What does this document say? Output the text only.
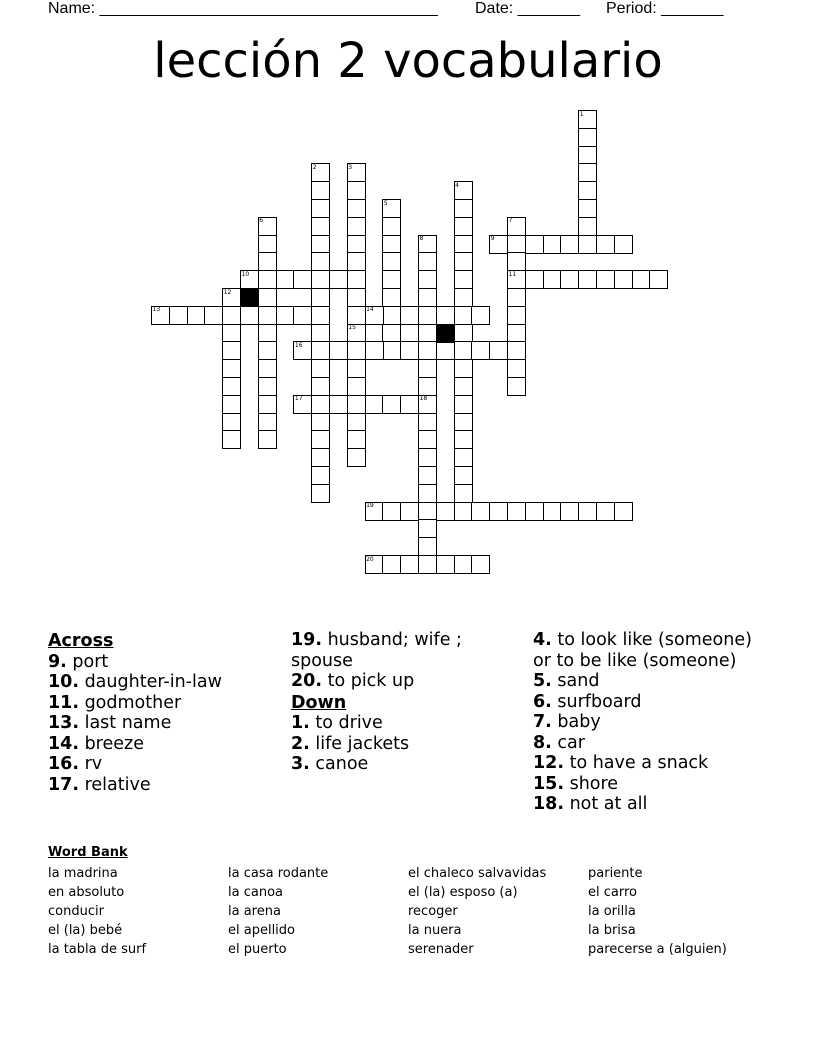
Name: ______________________________________ Date: _______ Period: _______
lección 2 vocabulario
1
2	3
4
5
6	7
8
12
18
9
10	11
13	14
15
16
17
19
20
Across
9. port
10. daughter-in-law
11. godmother
13. last name
14. breeze
16. rv
17. relative
19. husband; wife ; spouse
20. to pick up
Down
1. to drive
2. life jackets
3. canoe
4. to look like (someone) or to be like (someone)
5. sand
6. surfboard
7. baby
8. car
12. to have a snack
15. shore
18. not at all
Word Bank
la madrina
en absoluto
conducir
el (la) bebé
la tabla de surf
la casa rodante
la canoa
la arena
el apellido
el puerto
el chaleco salvavidas
el (la) esposo (a)
recoger
la nuera
serenader
pariente
el carro
la orilla
la brisa
parecerse a (alguien)
